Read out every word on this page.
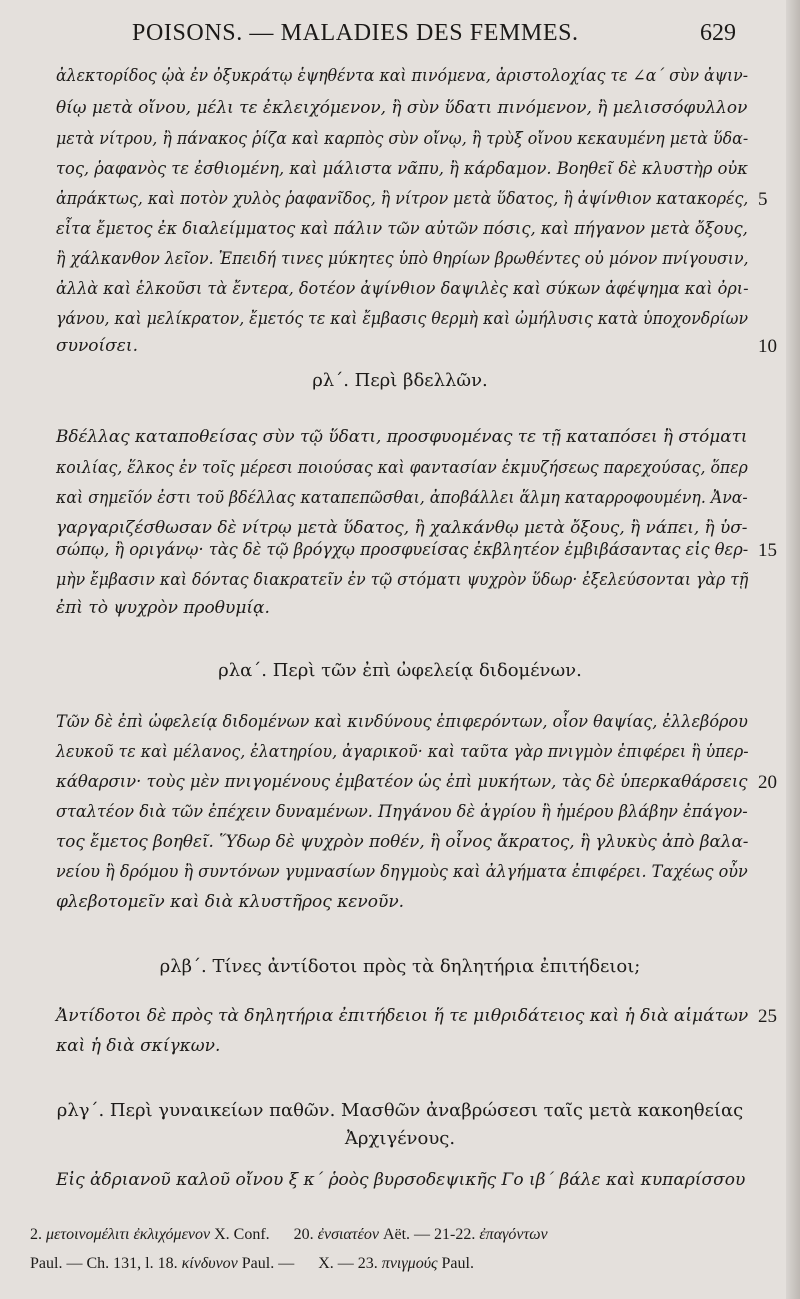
POISONS. — MALADIES DES FEMMES.	629
ἀλεκτορίδος ᾠὰ ἐν ὀξυκράτῳ ἑψηθέντα καὶ πινόμενα, ἀριστολοχίας τε ∠α´ σὺν ἀψιν-
θίῳ μετὰ οἴνου, μέλι τε ἐκλειχόμενον, ἢ σὺν ὕδατι πινόμενον, ἢ μελισσόφυλλον
μετὰ νίτρου, ἢ πάνακος ῥίζα καὶ καρπὸς σὺν οἴνῳ, ἢ τρὺξ οἴνου κεκαυμένη μετὰ ὕδα-
τος, ῥαφανὸς τε ἐσθιομένη, καὶ μάλιστα νᾶπυ, ἢ κάρδαμον. Βοηθεῖ δὲ κλυστὴρ οὐκ
ἀπράκτως, καὶ ποτὸν χυλὸς ῥαφανῖδος, ἢ νίτρον μετὰ ὕδατος, ἢ ἀψίνθιον κατακορές, 5
εἶτα ἔμετος ἐκ διαλείμματος καὶ πάλιν τῶν αὐτῶν πόσις, καὶ πήγανον μετὰ ὄξους,
ἢ χάλκανθον λεῖον. Ἐπειδή τινες μύκητες ὑπὸ θηρίων βρωθέντες οὐ μόνον πνίγουσιν,
ἀλλὰ καὶ ἑλκοῦσι τὰ ἔντερα, δοτέον ἀψίνθιον δαψιλὲς καὶ σύκων ἀφέψημα καὶ ὀρι-
γάνου, καὶ μελίκρατον, ἔμετός τε καὶ ἔμβασις θερμὴ καὶ ὠμήλυσις κατὰ ὑποχονδρίων
συνοίσει.	10
ρλ´. Περὶ βδελλῶν.
Βδέλλας καταποθείσας σὺν τῷ ὕδατι, προσφυομένας τε τῇ καταπόσει ἢ στόματι
κοιλίας, ἕλκος ἐν τοῖς μέρεσι ποιούσας καὶ φαντασίαν ἐκμυζήσεως παρεχούσας, ὅπερ
καὶ σημεῖόν ἐστι τοῦ βδέλλας καταπεπῶσθαι, ἀποβάλλει ἅλμη καταρροφουμένη. Ἀνα-
γαργαριζέσθωσαν δὲ νίτρῳ μετὰ ὕδατος, ἢ χαλκάνθῳ μετὰ ὄξους, ἢ νάπει, ἢ ὑσ-
σώπῳ, ἢ οριγάνῳ· τὰς δὲ τῷ βρόγχῳ προσφυείσας ἐκβλητέον ἐμβιβάσαντας εἰς θερ- 15
μὴν ἔμβασιν καὶ δόντας διακρατεῖν ἐν τῷ στόματι ψυχρὸν ὕδωρ· ἐξελεύσονται γὰρ τῇ
ἐπὶ τὸ ψυχρὸν προθυμίᾳ.
ρλα´. Περὶ τῶν ἐπὶ ὠφελείᾳ διδομένων.
Τῶν δὲ ἐπὶ ὠφελείᾳ διδομένων καὶ κινδύνους ἐπιφερόντων, οἷον θαψίας, ἐλλεβόρου
λευκοῦ τε καὶ μέλανος, ἐλατηρίου, ἀγαρικοῦ· καὶ ταῦτα γὰρ πνιγμὸν ἐπιφέρει ἢ ὑπερ-
κάθαρσιν· τοὺς μὲν πνιγομένους ἐμβατέον ὡς ἐπὶ μυκήτων, τὰς δὲ ὑπερκαθάρσεις 20
σταλτέον διὰ τῶν ἐπέχειν δυναμένων. Πηγάνου δὲ ἀγρίου ἢ ἡμέρου βλάβην ἐπάγον-
τος ἔμετος βοηθεῖ. Ὕδωρ δὲ ψυχρὸν ποθέν, ἢ οἶνος ἄκρατος, ἢ γλυκὺς ἀπὸ βαλα-
νείου ἢ δρόμου ἢ συντόνων γυμνασίων δηγμοὺς καὶ ἀλγήματα ἐπιφέρει. Ταχέως οὖν
φλεβοτομεῖν καὶ διὰ κλυστῆρος κενοῦν.
ρλβ´. Τίνες ἀντίδοτοι πρὸς τὰ δηλητήρια ἐπιτήδειοι;
Ἀντίδοτοι δὲ πρὸς τὰ δηλητήρια ἐπιτήδειοι ἥ τε μιθριδάτειος καὶ ἡ διὰ αἱμάτων 25
καὶ ἡ διὰ σκίγκων.
ρλγ´. Περὶ γυναικείων παθῶν. Μασθῶν ἀναβρώσεσι ταῖς μετὰ κακοηθείας
Ἀρχιγένους.
Εἰς ἀδριανοῦ καλοῦ οἴνου ξ κ´ ῥοὸς βυρσοδεψικῆς Γο ιβ´ βάλε καὶ κυπαρίσσου
2. μετοινομέλιτι ἐκλιχόμενον X. Conf. 20. ἐνσιατέον Aët. — 21-22. ἐπαγόντων
Paul. — Ch. 131, l. 18. κίνδυνον Paul. — X. — 23. πνιγμούς Paul.
